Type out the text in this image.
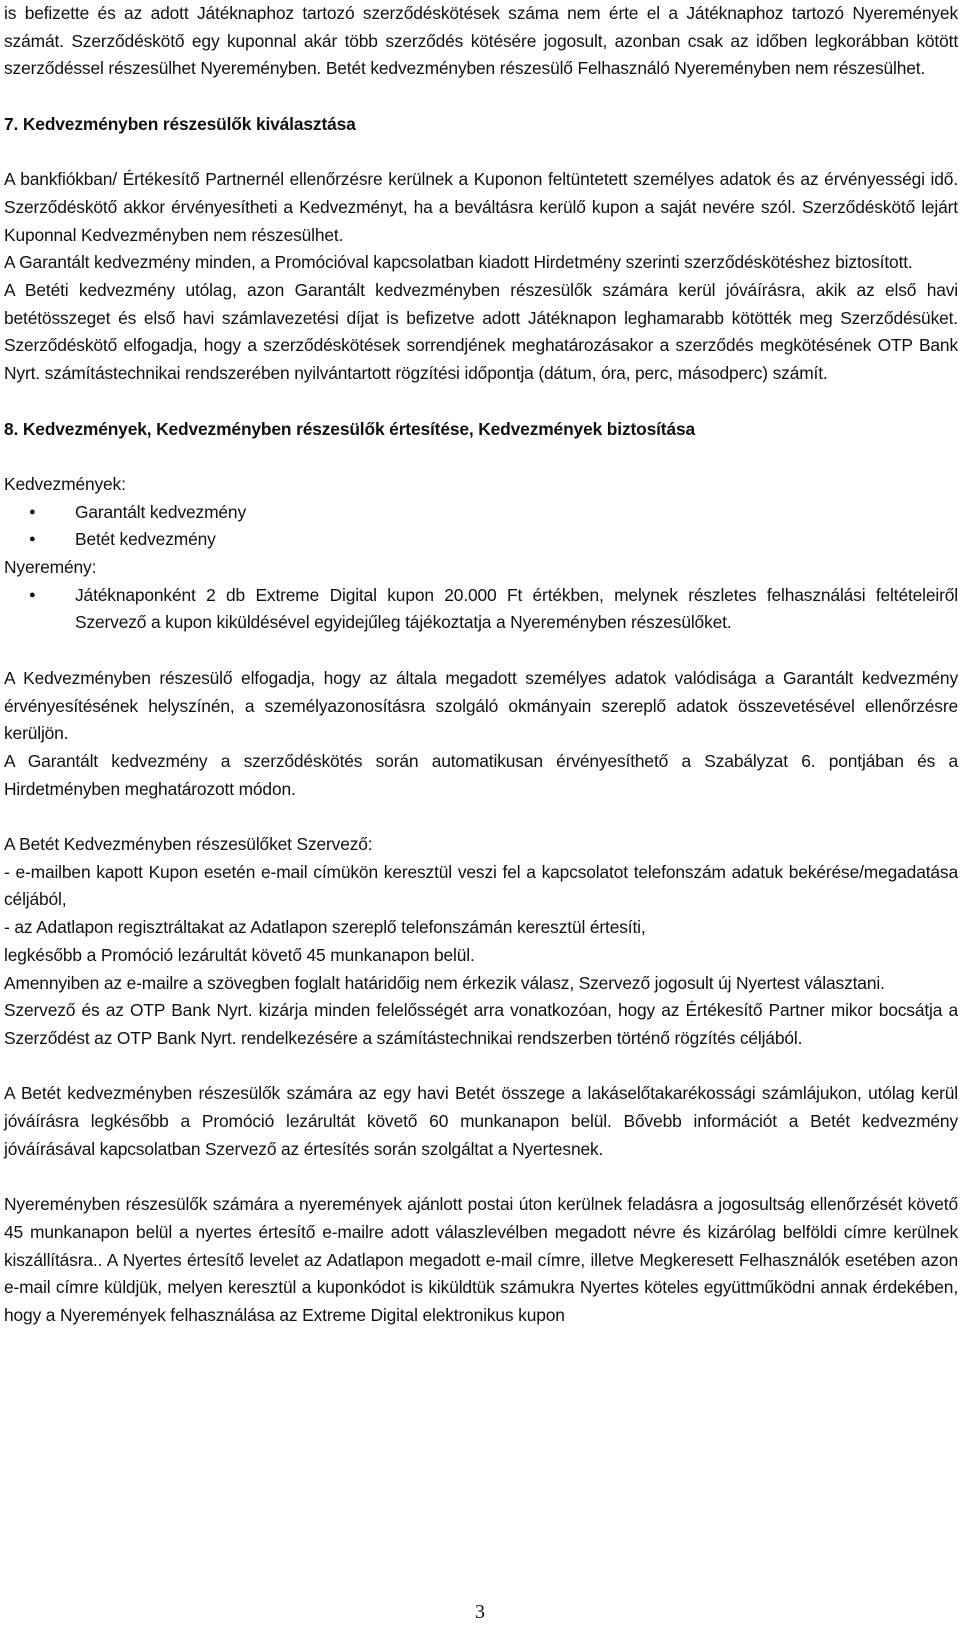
is befizette és az adott Játéknaphoz tartozó szerződéskötések száma nem érte el a Játéknaphoz tartozó Nyeremények számát. Szerződéskötő egy kuponnal akár több szerződés kötésére jogosult, azonban csak az időben legkorábban kötött szerződéssel részesülhet Nyereményben. Betét kedvezményben részesülő Felhasználó Nyereményben nem részesülhet.

7. Kedvezményben részesülők kiválasztása

A bankfiókban/ Értékesítő Partnernél ellenőrzésre kerülnek a Kuponon feltüntetett személyes adatok és az érvényességi idő. Szerződéskötő akkor érvényesítheti a Kedvezményt, ha a beváltásra kerülő kupon a saját nevére szól. Szerződéskötő lejárt Kuponnal Kedvezményben nem részesülhet.

A Garantált kedvezmény minden, a Promócióval kapcsolatban kiadott Hirdetmény szerinti szerződéskötéshez biztosított.

A Betéti kedvezmény utólag, azon Garantált kedvezményben részesülők számára kerül jóváírásra, akik az első havi betétösszeget és első havi számlavezetési díjat is befizetve adott Játéknapon leghamarabb kötötték meg Szerződésüket. Szerződéskötő elfogadja, hogy a szerződéskötések sorrendjének meghatározásakor a szerződés megkötésének OTP Bank Nyrt. számítástechnikai rendszerében nyilvántartott rögzítési időpontja (dátum, óra, perc, másodperc) számít.

8. Kedvezmények, Kedvezményben részesülők értesítése, Kedvezmények biztosítása

Kedvezmények:

● Garantált kedvezmény
● Betét kedvezmény

Nyeremény:

● Játéknaponként 2 db Extreme Digital kupon 20.000 Ft értékben, melynek részletes felhasználási feltételeiről Szervező a kupon kiküldésével egyidejűleg tájékoztatja a Nyereményben részesülőket.

A Kedvezményben részesülő elfogadja, hogy az általa megadott személyes adatok valódisága a Garantált kedvezmény érvényesítésének helyszínén, a személyazonosításra szolgáló okmányain szereplő adatok összevetésével ellenőrzésre kerüljön.

A Garantált kedvezmény a szerződéskötés során automatikusan érvényesíthető a Szabályzat 6. pontjában és a Hirdetményben meghatározott módon.

A Betét Kedvezményben részesülőket Szervező:

- e-mailben kapott Kupon esetén e-mail címükön keresztül veszi fel a kapcsolatot telefonszám adatuk bekérése/megadatása céljából,

- az Adatlapon regisztráltakat az Adatlapon szereplő telefonszámán keresztül értesíti,

legkésőbb a Promóció lezárultát követő 45 munkanapon belül.

Amennyiben az e-mailre a szövegben foglalt határidőig nem érkezik válasz, Szervező jogosult új Nyertest választani.

Szervező és az OTP Bank Nyrt. kizárja minden felelősségét arra vonatkozóan, hogy az Értékesítő Partner mikor bocsátja a Szerződést az OTP Bank Nyrt. rendelkezésére a számítástechnikai rendszerben történő rögzítés céljából.

A Betét kedvezményben részesülők számára az egy havi Betét összege a lakáselőtakarékossági számlájukon, utólag kerül jóváírásra legkésőbb a Promóció lezárultát követő 60 munkanapon belül. Bővebb információt a Betét kedvezmény jóváírásával kapcsolatban Szervező az értesítés során szolgáltat a Nyertesnek.

Nyereményben részesülők számára a nyeremények ajánlott postai úton kerülnek feladásra a jogosultság ellenőrzését követő 45 munkanapon belül a nyertes értesítő e-mailre adott válaszlevélben megadott névre és kizárólag belföldi címre kerülnek kiszállításra.. A Nyertes értesítő levelet az Adatlapon megadott e-mail címre, illetve Megkeresett Felhasználók esetében azon e-mail címre küldjük, melyen keresztül a kuponkódot is kiküldtük számukra Nyertes köteles együttműködni annak érdekében, hogy a Nyeremények felhasználása az Extreme Digital elektronikus kupon

3
